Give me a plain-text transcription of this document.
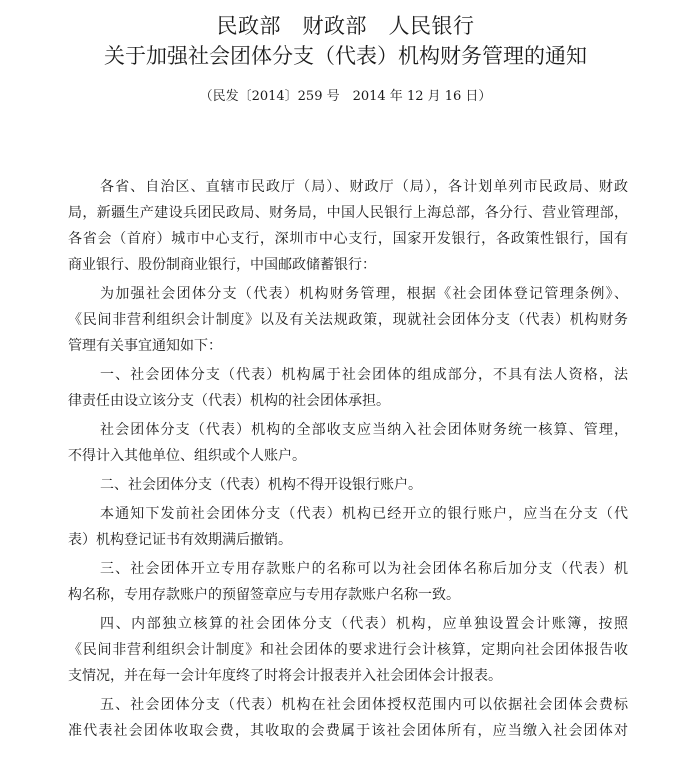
民政部　财政部　人民银行
关于加强社会团体分支（代表）机构财务管理的通知
（民发〔2014〕259 号　2014 年 12 月 16 日）
各省、自治区、直辖市民政厅（局）、财政厅（局），各计划单列市民政局、财政
局，新疆生产建设兵团民政局、财务局，中国人民银行上海总部，各分行、营业管理部，
各省会（首府）城市中心支行，深圳市中心支行，国家开发银行，各政策性银行，国有
商业银行、股份制商业银行，中国邮政储蓄银行：
为加强社会团体分支（代表）机构财务管理，根据《社会团体登记管理条例》、
《民间非营利组织会计制度》以及有关法规政策，现就社会团体分支（代表）机构财务
管理有关事宜通知如下：
一、社会团体分支（代表）机构属于社会团体的组成部分，不具有法人资格，法
律责任由设立该分支（代表）机构的社会团体承担。
社会团体分支（代表）机构的全部收支应当纳入社会团体财务统一核算、管理，
不得计入其他单位、组织或个人账户。
二、社会团体分支（代表）机构不得开设银行账户。
本通知下发前社会团体分支（代表）机构已经开立的银行账户，应当在分支（代
表）机构登记证书有效期满后撤销。
三、社会团体开立专用存款账户的名称可以为社会团体名称后加分支（代表）机
构名称，专用存款账户的预留签章应与专用存款账户名称一致。
四、内部独立核算的社会团体分支（代表）机构，应单独设置会计账簿，按照
《民间非营利组织会计制度》和社会团体的要求进行会计核算，定期向社会团体报告收
支情况，并在每一会计年度终了时将会计报表并入社会团体会计报表。
五、社会团体分支（代表）机构在社会团体授权范围内可以依据社会团体会费标
准代表社会团体收取会费，其收取的会费属于该社会团体所有，应当缴入社会团体对
